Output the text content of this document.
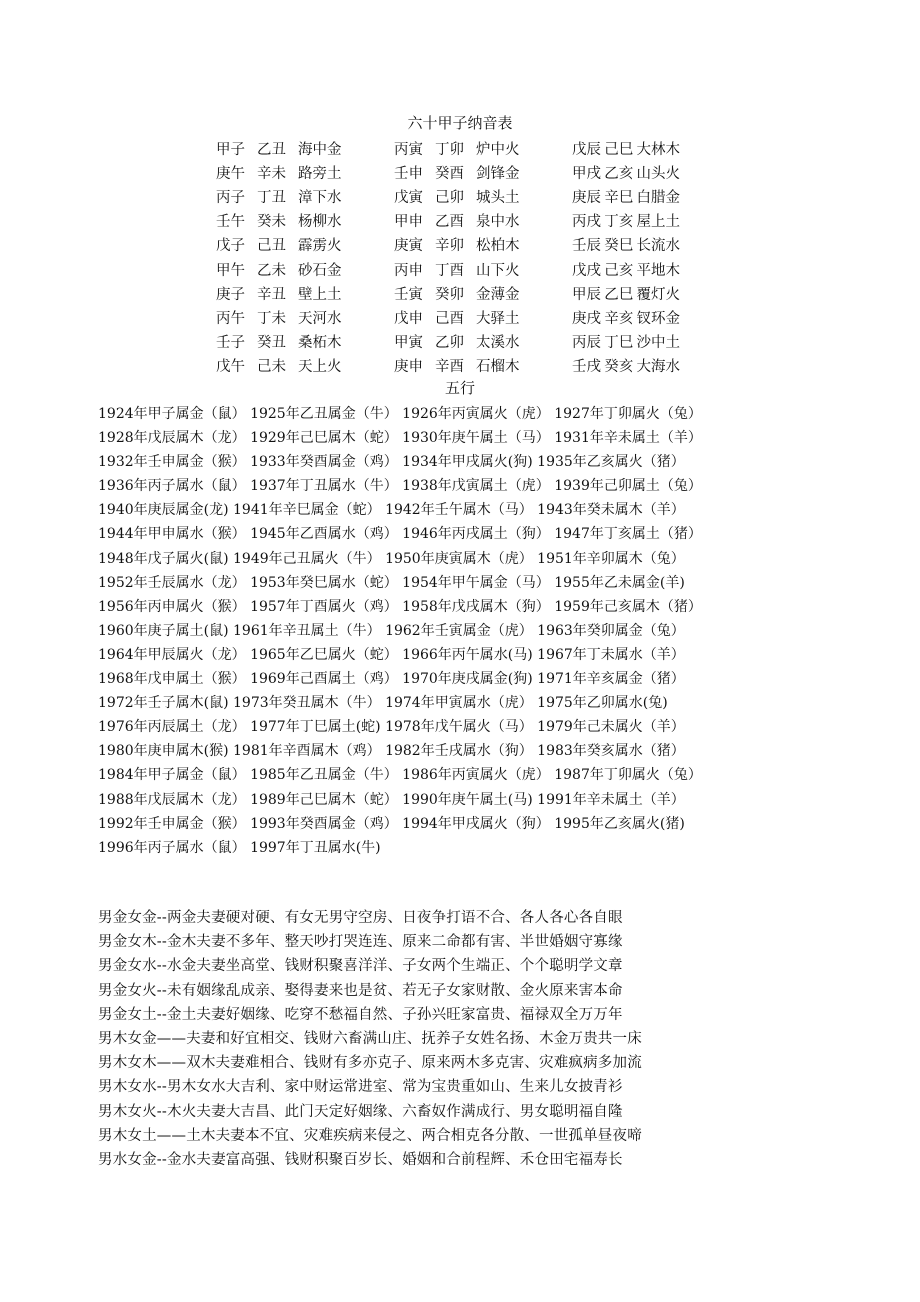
六十甲子纳音表
甲子 乙丑 海中金	丙寅 丁卯 炉中火	戊辰 己巳 大林木
庚午 辛未 路旁土	壬申 癸酉 剑锋金	甲戌 乙亥 山头火
丙子 丁丑 漳下水	戊寅 己卯 城头土	庚辰 辛巳 白腊金
壬午 癸未 杨柳水	甲申 乙酉 泉中水	丙戌 丁亥 屋上土
戊子 己丑 霹雳火	庚寅 辛卯 松柏木	壬辰 癸巳 长流水
甲午 乙未 砂石金	丙申 丁酉 山下火	戊戌 己亥 平地木
庚子 辛丑 壁上土	壬寅 癸卯 金薄金	甲辰 乙巳 覆灯火
丙午 丁未 天河水	戊申 己酉 大驿土	庚戌 辛亥 钗环金
壬子 癸丑 桑柘木	甲寅 乙卯 太溪水	丙辰 丁巳 沙中土
戊午 己未 天上火	庚申 辛酉 石榴木	壬戌 癸亥 大海水
五行
1924年甲子属金（鼠） 1925年乙丑属金（牛） 1926年丙寅属火（虎） 1927年丁卯属火（兔）
1928年戊辰属木（龙） 1929年己巳属木（蛇） 1930年庚午属土（马） 1931年辛未属土（羊）
1932年壬申属金（猴） 1933年癸酉属金（鸡） 1934年甲戌属火(狗) 1935年乙亥属火（猪）
1936年丙子属水（鼠） 1937年丁丑属水（牛） 1938年戊寅属土（虎） 1939年己卯属土（兔）
1940年庚辰属金(龙) 1941年辛巳属金（蛇） 1942年壬午属木（马） 1943年癸未属木（羊）
1944年甲申属水（猴） 1945年乙酉属水（鸡） 1946年丙戌属土（狗） 1947年丁亥属土（猪）
1948年戊子属火(鼠) 1949年己丑属火（牛） 1950年庚寅属木（虎） 1951年辛卯属木（兔）
1952年壬辰属水（龙） 1953年癸巳属水（蛇） 1954年甲午属金（马） 1955年乙未属金(羊)
1956年丙申属火（猴） 1957年丁酉属火（鸡） 1958年戊戌属木（狗） 1959年己亥属木（猪）
1960年庚子属土(鼠) 1961年辛丑属土（牛） 1962年壬寅属金（虎） 1963年癸卯属金（兔）
1964年甲辰属火（龙） 1965年乙巳属火（蛇） 1966年丙午属水(马) 1967年丁未属水（羊）
1968年戊申属土（猴） 1969年己酉属土（鸡） 1970年庚戌属金(狗) 1971年辛亥属金（猪）
1972年壬子属木(鼠) 1973年癸丑属木（牛） 1974年甲寅属水（虎） 1975年乙卯属水(兔)
1976年丙辰属土（龙） 1977年丁巳属土(蛇) 1978年戊午属火（马） 1979年己未属火（羊）
1980年庚申属木(猴) 1981年辛酉属木（鸡） 1982年壬戌属水（狗） 1983年癸亥属水（猪）
1984年甲子属金（鼠） 1985年乙丑属金（牛） 1986年丙寅属火（虎） 1987年丁卯属火（兔）
1988年戊辰属木（龙） 1989年己巳属木（蛇） 1990年庚午属土(马) 1991年辛未属土（羊）
1992年壬申属金（猴） 1993年癸酉属金（鸡） 1994年甲戌属火（狗） 1995年乙亥属火(猪)
1996年丙子属水（鼠） 1997年丁丑属水(牛)
男金女金--两金夫妻硬对硬、有女无男守空房、日夜争打语不合、各人各心各自眼
男金女木--金木夫妻不多年、整天吵打哭连连、原来二命都有害、半世婚姻守寡缘
男金女水--水金夫妻坐高堂、钱财积聚喜洋洋、子女两个生端正、个个聪明学文章
男金女火--未有姻缘乱成亲、娶得妻来也是贫、若无子女家财散、金火原来害本命
男金女土--金土夫妻好姻缘、吃穿不愁福自然、子孙兴旺家富贵、福禄双全万万年
男木女金——夫妻和好宜相交、钱财六畜满山庄、抚养子女姓名扬、木金万贵共一床
男木女木——双木夫妻难相合、钱财有多亦克子、原来两木多克害、灾难疯病多加流
男木女水--男木女水大吉利、家中财运常进室、常为宝贵重如山、生来儿女披青衫
男木女火--木火夫妻大吉昌、此门天定好姻缘、六畜奴作满成行、男女聪明福自隆
男木女土——土木夫妻本不宜、灾难疾病来侵之、两合相克各分散、一世孤单昼夜啼
男水女金--金水夫妻富高强、钱财积聚百岁长、婚姻和合前程辉、禾仓田宅福寿长
